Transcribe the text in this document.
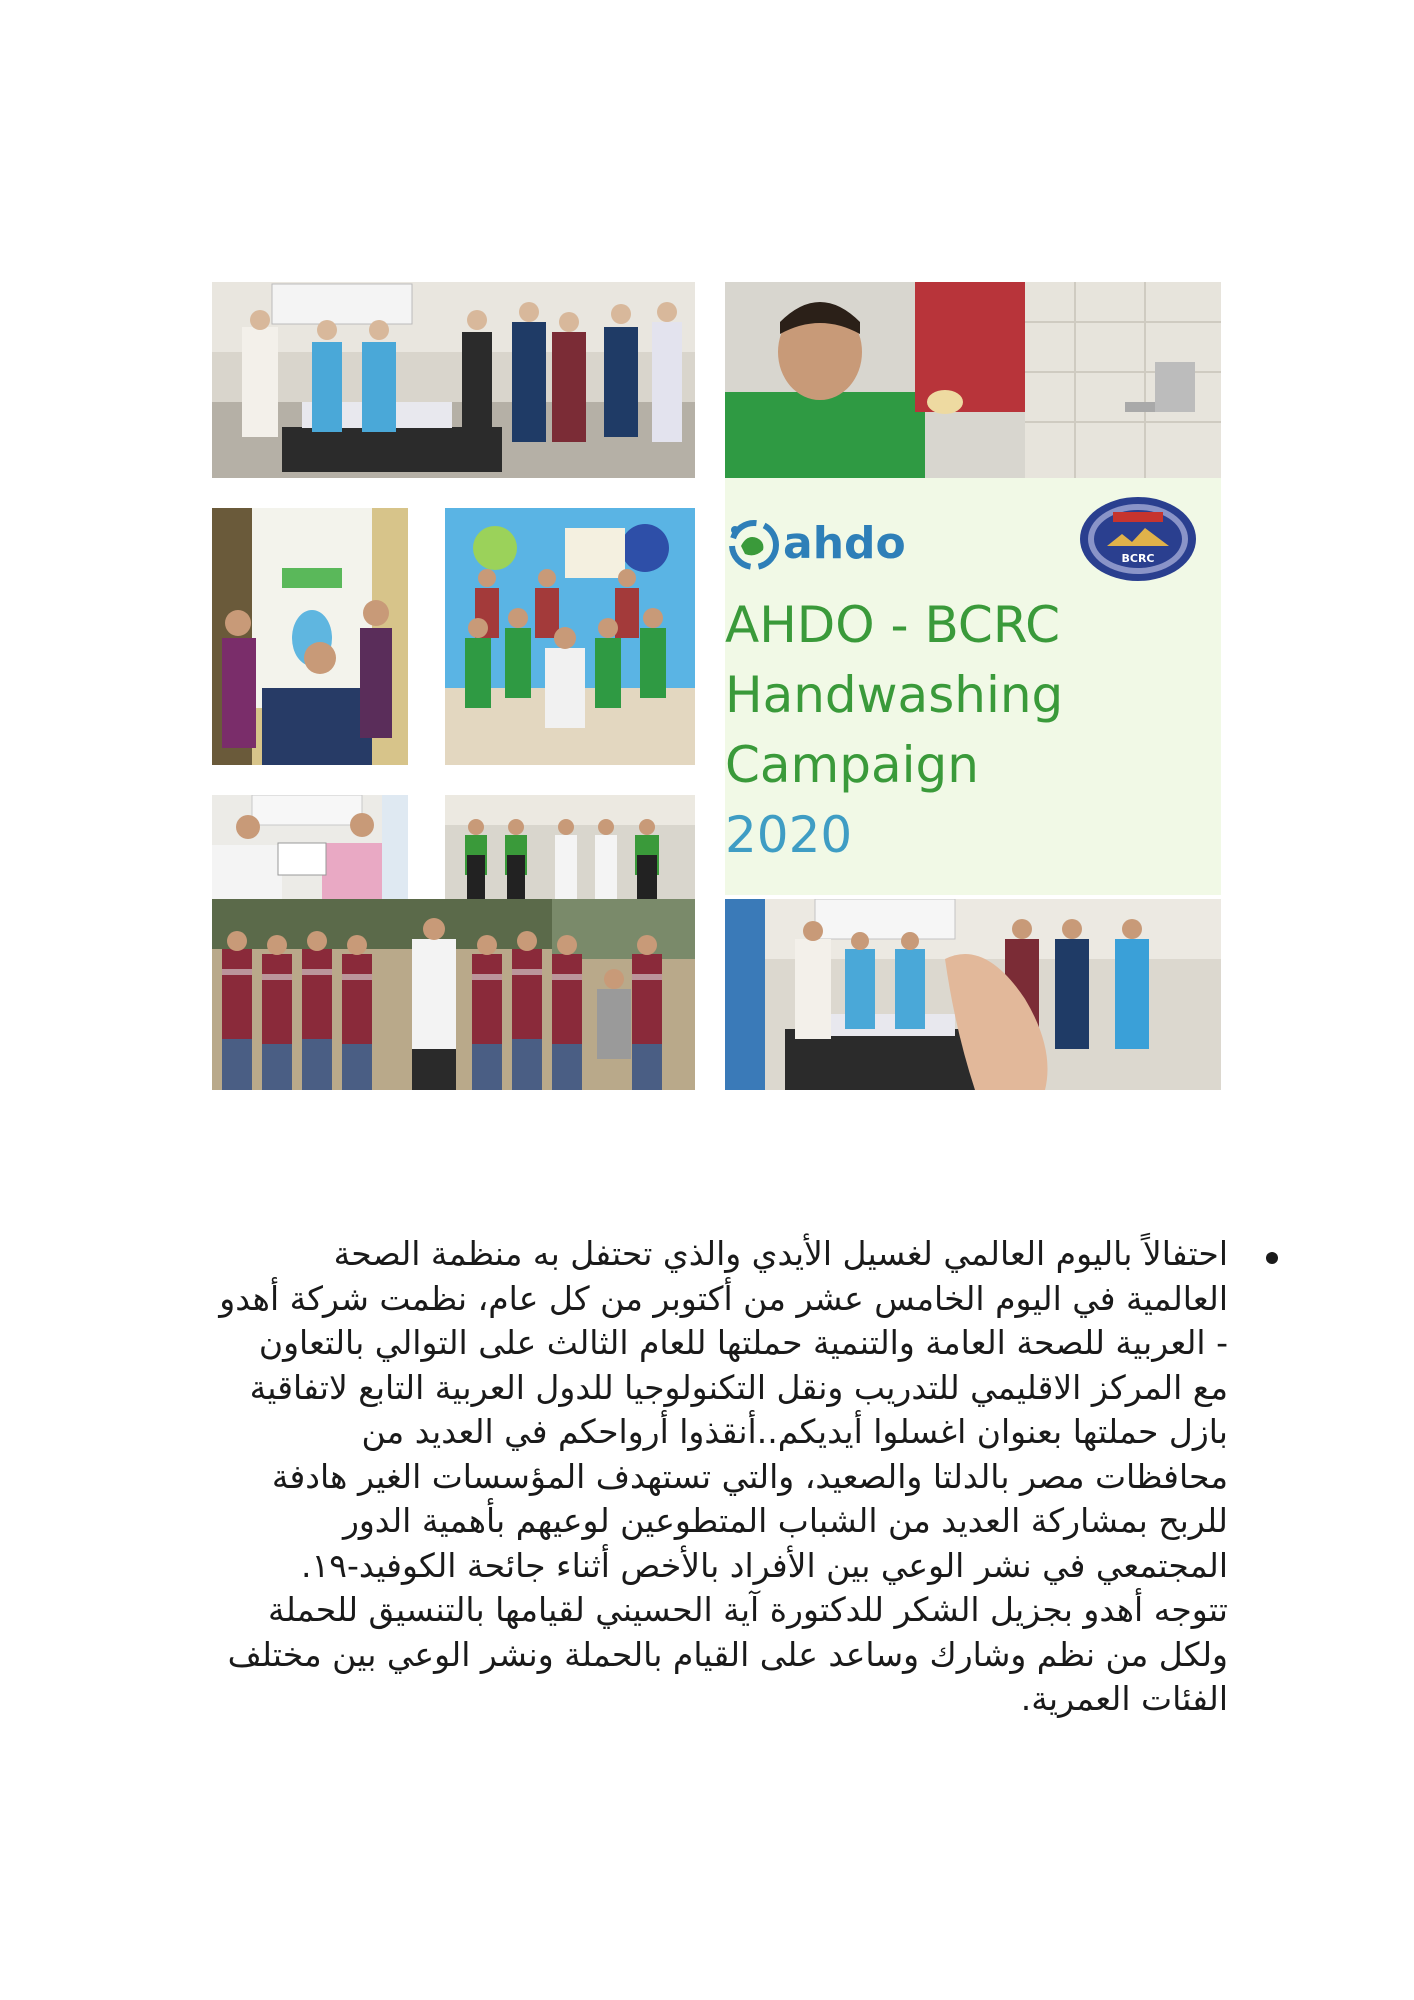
ahdo	BCRC
AHDO - BCRC
Handwashing
Campaign
2020
احتفالاً باليوم العالمي لغسيل الأيدي والذي تحتفل به منظمة الصحة
العالمية في اليوم الخامس عشر من أكتوبر من كل عام، نظمت شركة أهدو
- العربية للصحة العامة والتنمية حملتها للعام الثالث على التوالي بالتعاون
مع المركز الاقليمي للتدريب ونقل التكنولوجيا للدول العربية التابع لاتفاقية
بازل حملتها بعنوان اغسلوا أيديكم..أنقذوا أرواحكم في العديد من
محافظات مصر بالدلتا والصعيد، والتي تستهدف المؤسسات الغير هادفة
للربح بمشاركة العديد من الشباب المتطوعين لوعيهم بأهمية الدور
المجتمعي في نشر الوعي بين الأفراد بالأخص أثناء جائحة الكوفيد-١٩.
تتوجه أهدو بجزيل الشكر للدكتورة آية الحسيني لقيامها بالتنسيق للحملة
ولكل من نظم وشارك وساعد على القيام بالحملة ونشر الوعي بين مختلف
الفئات العمرية.
